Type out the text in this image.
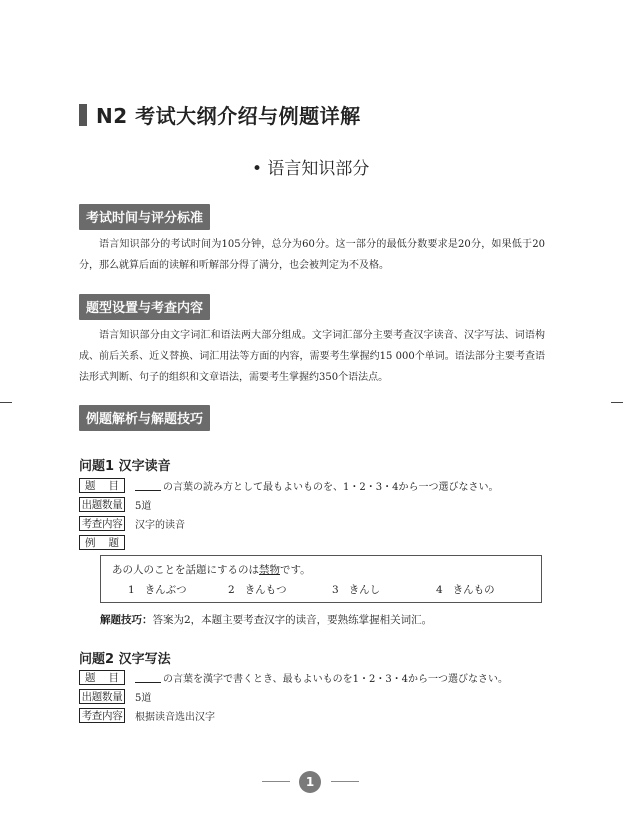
N2 考试大纲介绍与例题详解
• 语言知识部分
考试时间与评分标准
语言知识部分的考试时间为105分钟，总分为60分。这一部分的最低分数要求是20分，如果低于20分，那么就算后面的读解和听解部分得了满分，也会被判定为不及格。
题型设置与考查内容
语言知识部分由文字词汇和语法两大部分组成。文字词汇部分主要考查汉字读音、汉字写法、词语构成、前后关系、近义替换、词汇用法等方面的内容，需要考生掌握约15 000个单词。语法部分主要考查语法形式判断、句子的组织和文章语法，需要考生掌握约350个语法点。
例题解析与解题技巧
问题1 汉字读音
题 目	の言葉の読み方として最もよいものを、1・2・3・4から一つ選びなさい。
出题数量 5道
考查内容 汉字的读音
例 题
あの人のことを話題にするのは禁物です。
1 きんぶつ	2 きんもつ	3 きんし	4 きんもの
解题技巧：答案为2，本题主要考查汉字的读音，要熟练掌握相关词汇。
问题2 汉字写法
题 目	の言葉を漢字で書くとき、最もよいものを1・2・3・4から一つ選びなさい。
出题数量 5道
考查内容 根据读音选出汉字
1
